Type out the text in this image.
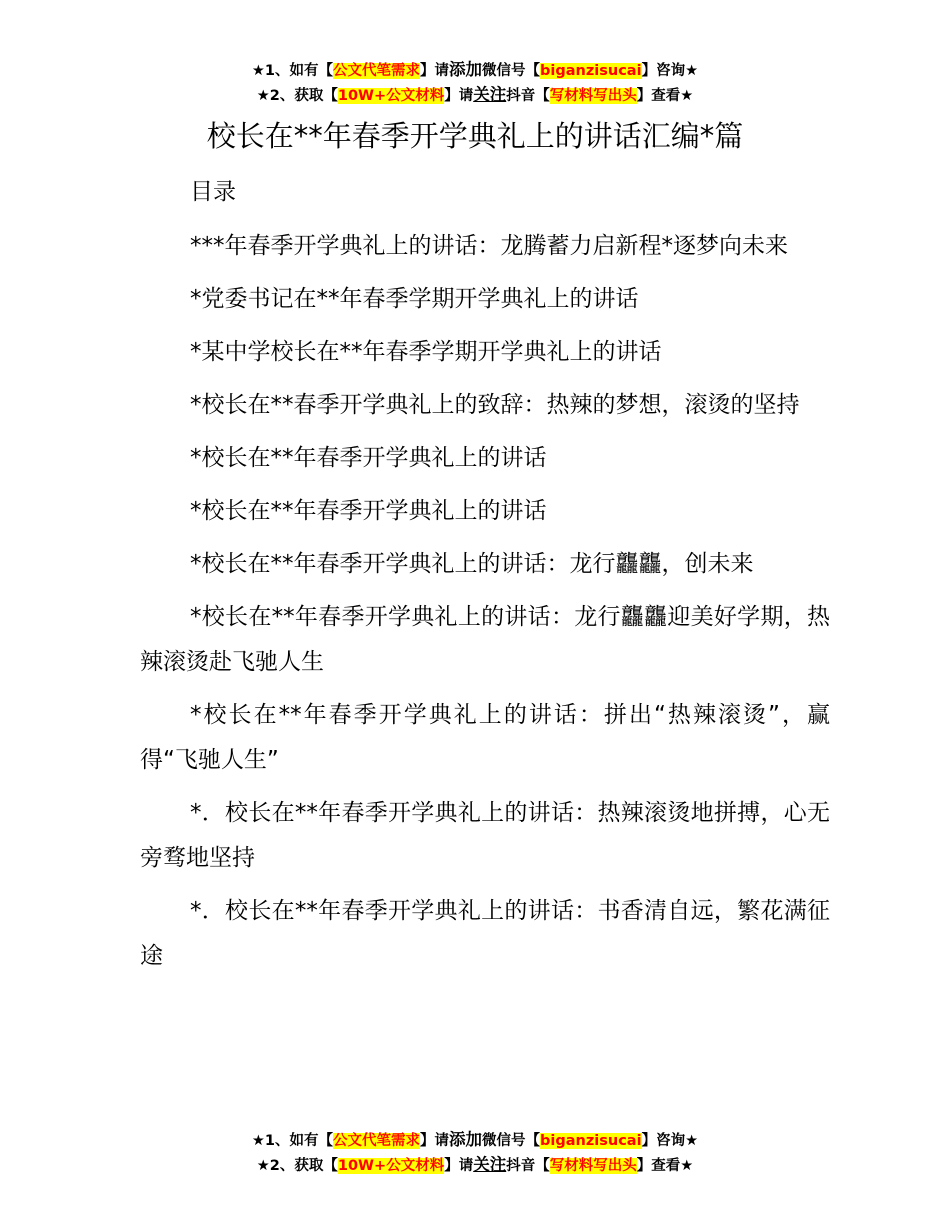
★1、如有【公文代笔需求】请添加微信号【biganzisucai】咨询★
★2、获取【10W+公文材料】请关注抖音【写材料写出头】查看★
校长在**年春季开学典礼上的讲话汇编*篇
目录
***年春季开学典礼上的讲话：龙腾蓄力启新程*逐梦向未来
*党委书记在**年春季学期开学典礼上的讲话
*某中学校长在**年春季学期开学典礼上的讲话
*校长在**春季开学典礼上的致辞：热辣的梦想，滚烫的坚持
*校长在**年春季开学典礼上的讲话
*校长在**年春季开学典礼上的讲话
*校长在**年春季开学典礼上的讲话：龙行龘龘，创未来
*校长在**年春季开学典礼上的讲话：龙行龘龘迎美好学期，热辣滚烫赴飞驰人生
*校长在**年春季开学典礼上的讲话：拼出“热辣滚烫”，赢得“飞驰人生”
*．校长在**年春季开学典礼上的讲话：热辣滚烫地拼搏，心无旁骛地坚持
*．校长在**年春季开学典礼上的讲话：书香清自远，繁花满征途
★1、如有【公文代笔需求】请添加微信号【biganzisucai】咨询★
★2、获取【10W+公文材料】请关注抖音【写材料写出头】查看★
